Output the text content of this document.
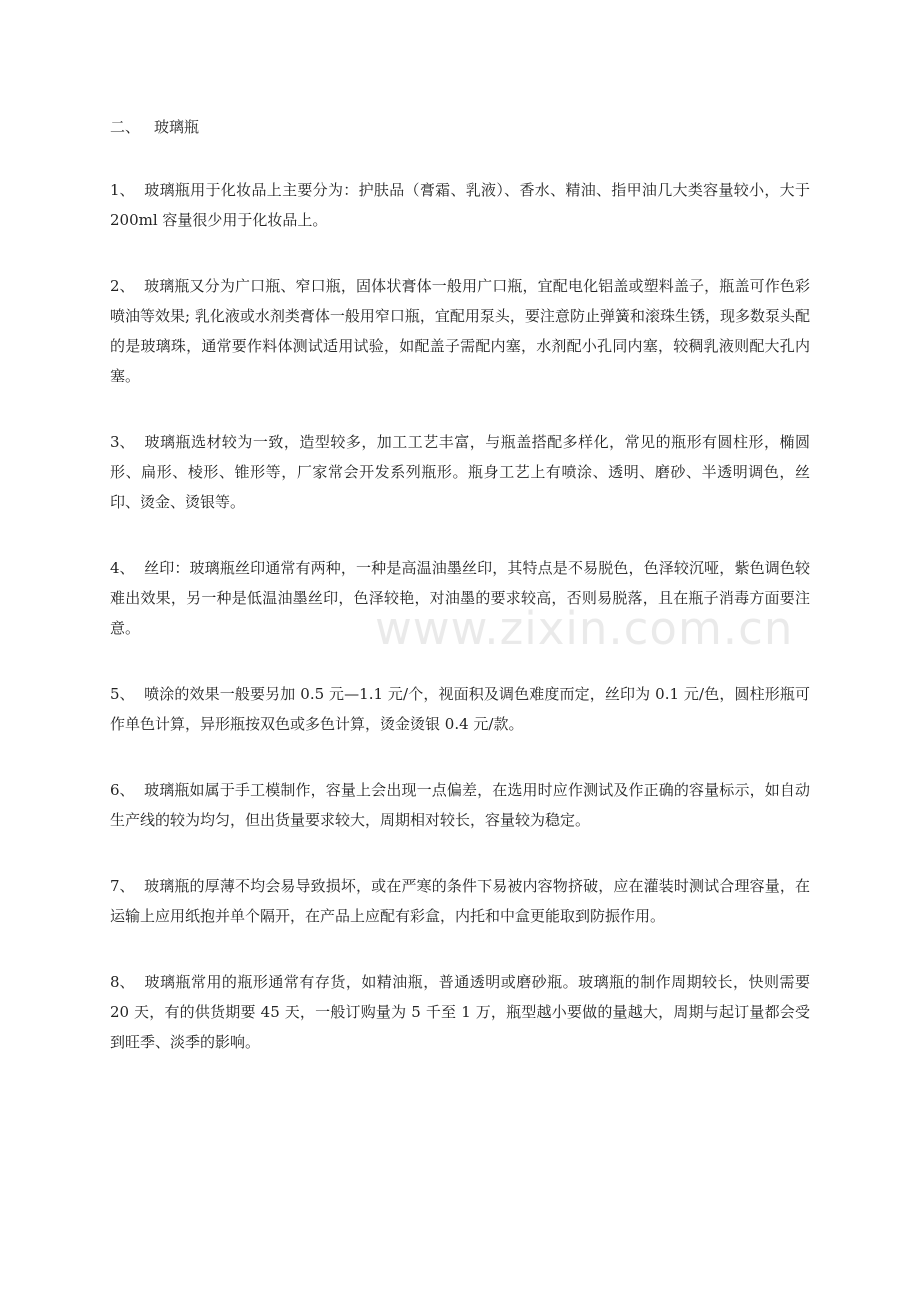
二、 玻璃瓶

1、 玻璃瓶用于化妆品上主要分为：护肤品（膏霜、乳液）、香水、精油、指甲油几大类容量较小，大于 200ml 容量很少用于化妆品上。

2、 玻璃瓶又分为广口瓶、窄口瓶，固体状膏体一般用广口瓶，宜配电化铝盖或塑料盖子，瓶盖可作色彩喷油等效果; 乳化液或水剂类膏体一般用窄口瓶，宜配用泵头，要注意防止弹簧和滚珠生锈，现多数泵头配的是玻璃珠，通常要作料体测试适用试验，如配盖子需配内塞，水剂配小孔同内塞，较稠乳液则配大孔内塞。

3、 玻璃瓶选材较为一致，造型较多，加工工艺丰富，与瓶盖搭配多样化，常见的瓶形有圆柱形，椭圆形、扁形、棱形、锥形等，厂家常会开发系列瓶形。瓶身工艺上有喷涂、透明、磨砂、半透明调色，丝印、烫金、烫银等。

4、 丝印：玻璃瓶丝印通常有两种，一种是高温油墨丝印，其特点是不易脱色，色泽较沉哑，紫色调色较难出效果，另一种是低温油墨丝印，色泽较艳，对油墨的要求较高，否则易脱落，且在瓶子消毒方面要注意。

5、 喷涂的效果一般要另加 0.5 元—1.1 元/个，视面积及调色难度而定，丝印为 0.1 元/色，圆柱形瓶可作单色计算，异形瓶按双色或多色计算，烫金烫银 0.4 元/款。

6、 玻璃瓶如属于手工模制作，容量上会出现一点偏差，在选用时应作测试及作正确的容量标示，如自动生产线的较为均匀，但出货量要求较大，周期相对较长，容量较为稳定。

7、 玻璃瓶的厚薄不均会易导致损坏，或在严寒的条件下易被内容物挤破，应在灌装时测试合理容量，在运输上应用纸抱并单个隔开，在产品上应配有彩盒，内托和中盒更能取到防振作用。

8、 玻璃瓶常用的瓶形通常有存货，如精油瓶，普通透明或磨砂瓶。玻璃瓶的制作周期较长，快则需要 20 天，有的供货期要 45 天，一般订购量为 5 千至 1 万，瓶型越小要做的量越大，周期与起订量都会受到旺季、淡季的影响。

www.zixin.com.cn
